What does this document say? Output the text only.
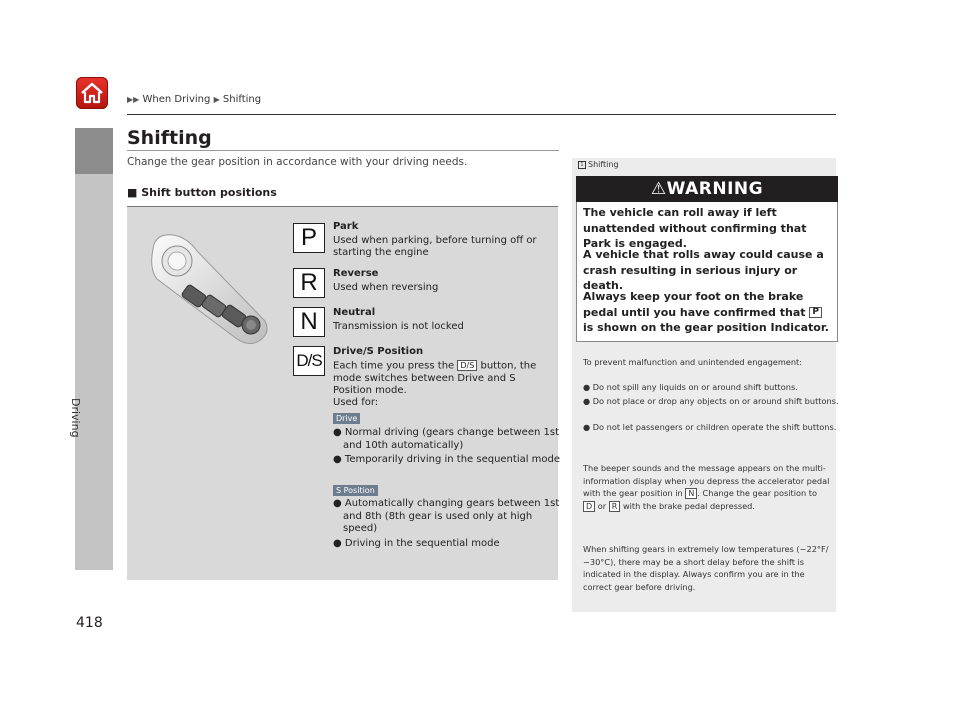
▶▶ When Driving ▶ Shifting
Driving
418
Shifting
Change the gear position in accordance with your driving needs.
■ Shift button positions
P	Park
Used when parking, before turning off or starting the engine
R	Reverse
Used when reversing
N	Neutral
Transmission is not locked
D/S	Drive/S Position
Each time you press the D/S button, the mode switches between Drive and S Position mode.
Used for:
Drive
● Normal driving (gears change between 1st and 10th automatically)
● Temporarily driving in the sequential mode
S Position
● Automatically changing gears between 1st and 8th (8th gear is used only at high speed)
● Driving in the sequential mode
1 Shifting
⚠WARNING
The vehicle can roll away if left unattended without confirming that Park is engaged.
A vehicle that rolls away could cause a crash resulting in serious injury or death.
Always keep your foot on the brake pedal until you have confirmed that P is shown on the gear position Indicator.
To prevent malfunction and unintended engagement:
● Do not spill any liquids on or around shift buttons.
● Do not place or drop any objects on or around shift buttons.
● Do not let passengers or children operate the shift buttons.
The beeper sounds and the message appears on the multi-information display when you depress the accelerator pedal with the gear position in N . Change the gear position to D or R with the brake pedal depressed.
When shifting gears in extremely low temperatures (−22°F/−30°C), there may be a short delay before the shift is indicated in the display. Always confirm you are in the correct gear before driving.
